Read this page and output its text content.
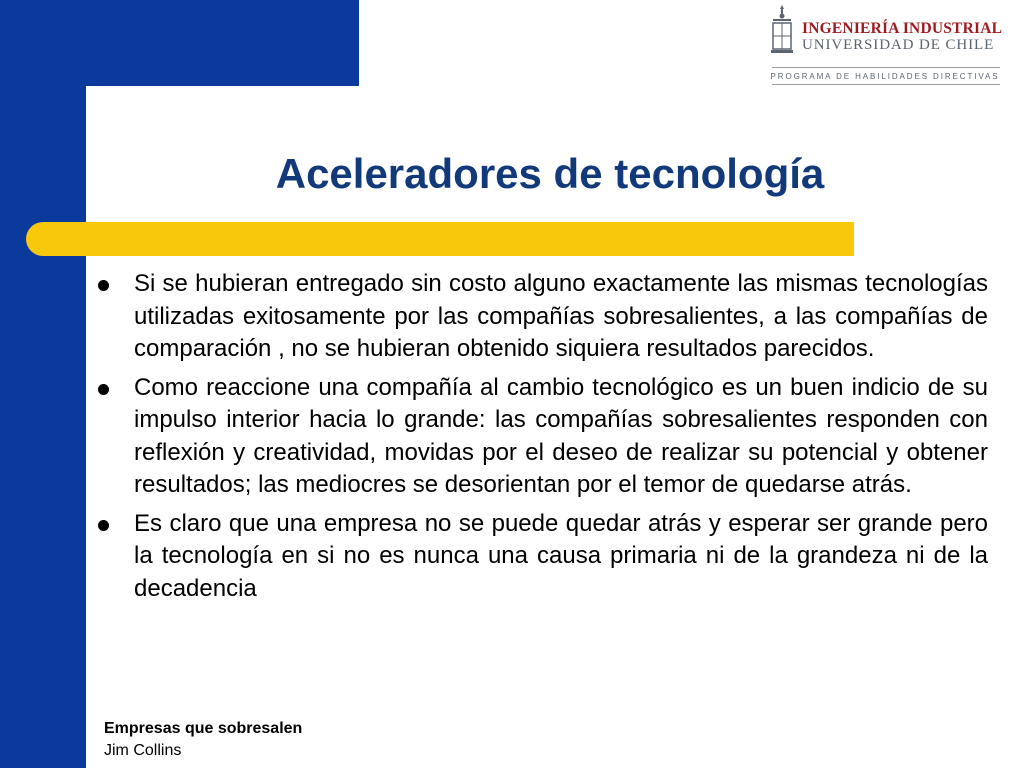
INGENIERÍA INDUSTRIAL
UNIVERSIDAD DE CHILE
PROGRAMA DE HABILIDADES DIRECTIVAS
Aceleradores de tecnología
Si se hubieran entregado sin costo alguno exactamente las mismas tecnologías utilizadas exitosamente por las compañías sobresalientes, a las compañías de comparación , no se hubieran obtenido siquiera resultados parecidos.
Como reaccione una compañía al cambio tecnológico es un buen indicio de su impulso interior hacia lo grande: las compañías sobresalientes responden con reflexión y creatividad, movidas por el deseo de realizar su potencial y obtener resultados; las mediocres se desorientan por el temor de quedarse atrás.
Es claro que una empresa no se puede quedar atrás y esperar ser grande pero la tecnología en si no es nunca una causa primaria ni de la grandeza ni de la decadencia
Empresas que sobresalen
Jim Collins
